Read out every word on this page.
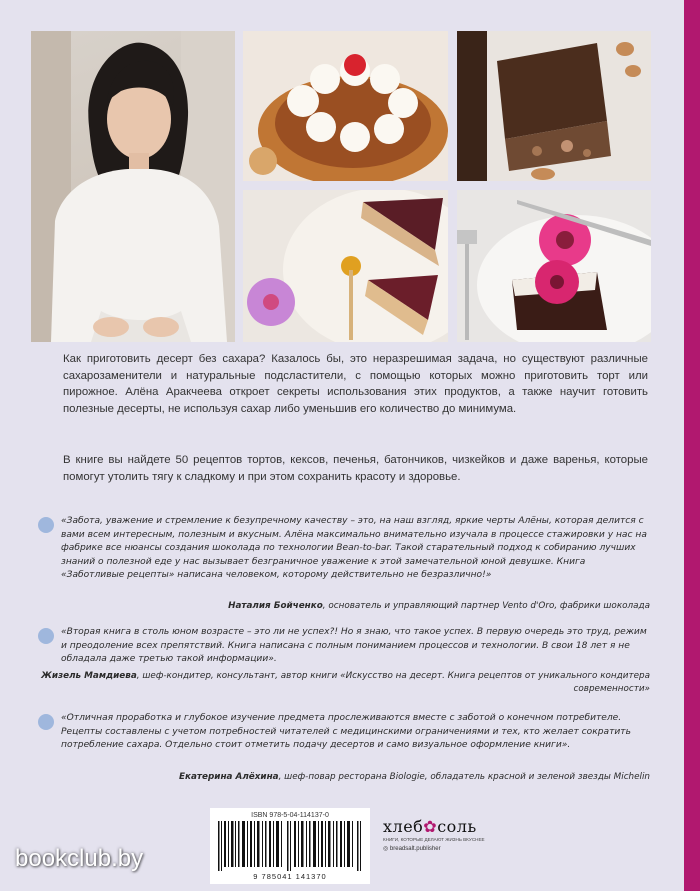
Как приготовить десерт без сахара? Казалось бы, это неразрешимая задача, но существуют различные сахарозаменители и натуральные подсластители, с помощью которых можно приготовить торт или пирожное. Алёна Аракчеева откроет секреты использования этих продуктов, а также научит готовить полезные десерты, не используя сахар либо уменьшив его количество до минимума.

В книге вы найдете 50 рецептов тортов, кексов, печенья, батончиков, чизкейков и даже варенья, которые помогут утолить тягу к сладкому и при этом сохранить красоту и здоровье.

«Забота, уважение и стремление к безупречному качеству – это, на наш взгляд, яркие черты Алёны, которая делится с вами всем интересным, полезным и вкусным. Алёна максимально внимательно изучала в процессе стажировки у нас на фабрике все нюансы создания шоколада по технологии Bean-to-bar. Такой старательный подход к собиранию лучших знаний о полезной еде у нас вызывает безграничное уважение к этой замечательной юной девушке. Книга «Заботливые рецепты» написана человеком, которому действительно не безразлично!»

Наталия Бойченко, основатель и управляющий партнер Vento d'Oro, фабрики шоколада

«Вторая книга в столь юном возрасте – это ли не успех?! Но я знаю, что такое успех. В первую очередь это труд, режим и преодоление всех препятствий. Книга написана с полным пониманием процессов и технологии. В свои 18 лет я не обладала даже третью такой информации».

Жизель Мамдиева, шеф-кондитер, консультант, автор книги «Искусство на десерт. Книга рецептов от уникального кондитера современности»

«Отличная проработка и глубокое изучение предмета прослеживаются вместе с заботой о конечном потребителе. Рецепты составлены с учетом потребностей читателей с медицинскими ограничениями и тех, кто желает сократить потребление сахара. Отдельно стоит отметить подачу десертов и само визуальное оформление книги».

Екатерина Алёхина, шеф-повар ресторана Biologie, обладатель красной и зеленой звезды Michelin

ISBN 978-5-04-114137-0
9 785041 141370
хлеб✿соль
КНИГИ, КОТОРЫЕ ДЕЛАЮТ ЖИЗНЬ ВКУСНЕЕ
◎ breadsalt.publisher
bookclub.by
